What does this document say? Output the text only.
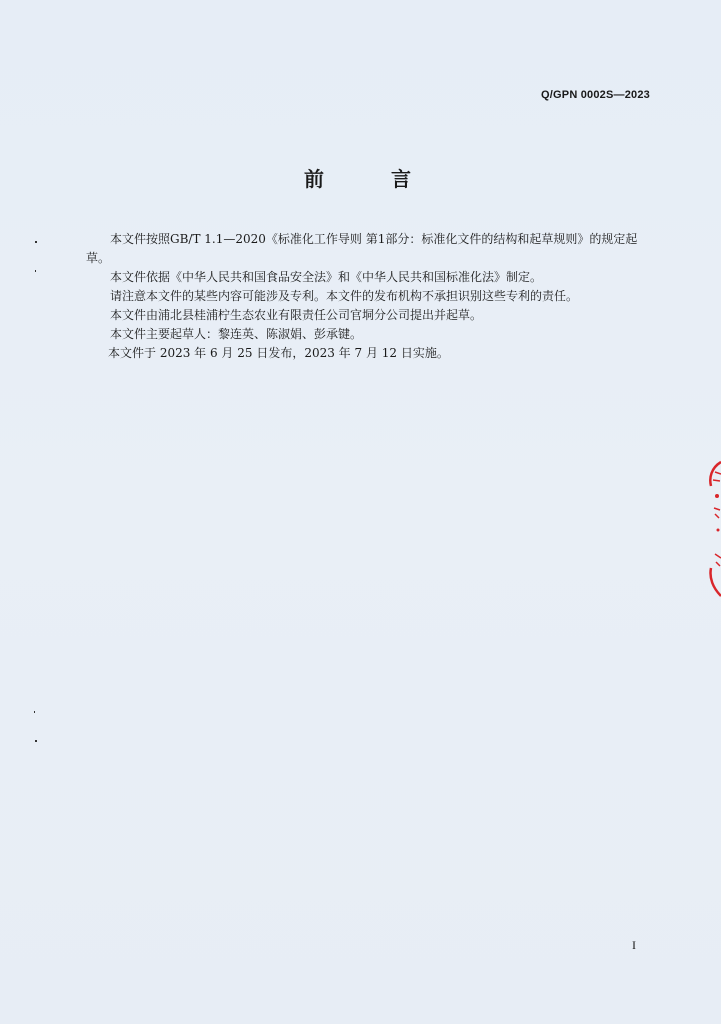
Q/GPN 0002S—2023
前 言

本文件按照GB/T 1.1—2020《标准化工作导则 第1部分：标准化文件的结构和起草规则》的规定起草。

本文件依据《中华人民共和国食品安全法》和《中华人民共和国标准化法》制定。

请注意本文件的某些内容可能涉及专利。本文件的发布机构不承担识别这些专利的责任。

本文件由浦北县桂浦柠生态农业有限责任公司官垌分公司提出并起草。

本文件主要起草人：黎连英、陈淑娟、彭承键。

本文件于 2023 年 6 月 25 日发布，2023 年 7 月 12 日实施。

I
